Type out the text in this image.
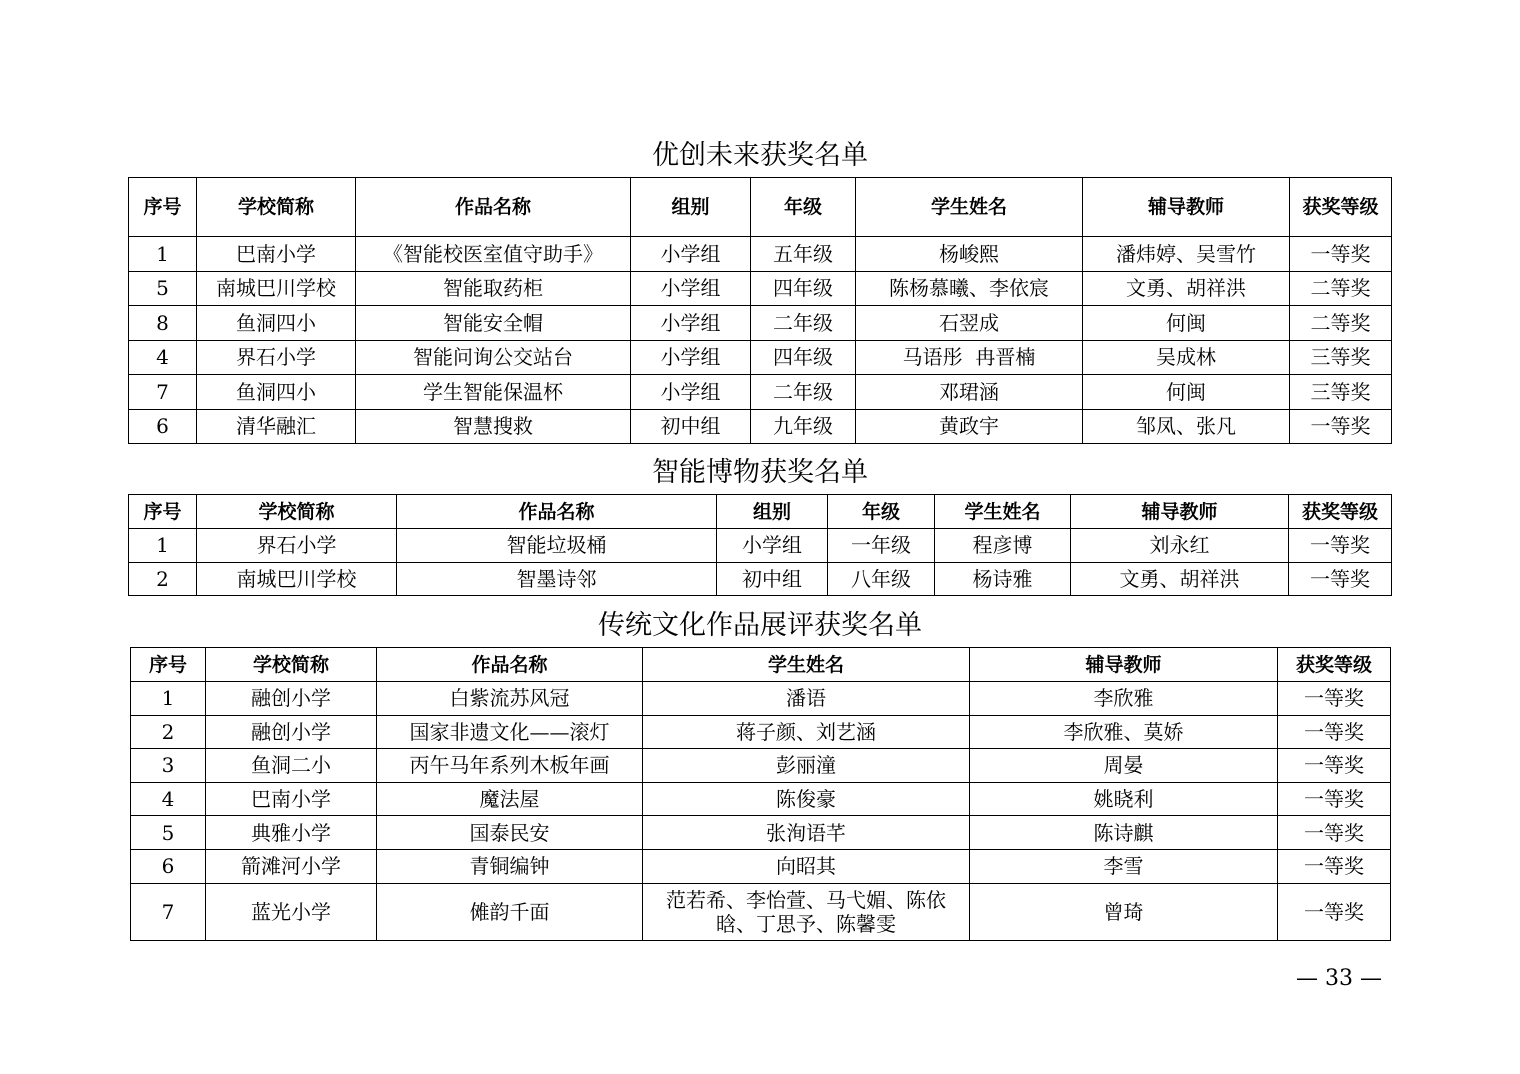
优创未来获奖名单
序号	学校简称	作品名称	组别	年级	学生姓名	辅导教师	获奖等级
1	巴南小学	《智能校医室值守助手》	小学组	五年级	杨峻熙	潘炜婷、吴雪竹	一等奖
5	南城巴川学校	智能取药柜	小学组	四年级	陈杨慕曦、李依宸	文勇、胡祥洪	二等奖
8	鱼洞四小	智能安全帽	小学组	二年级	石翌成	何闽	二等奖
4	界石小学	智能问询公交站台	小学组	四年级	马语彤  冉晋楠	吴成林	三等奖
7	鱼洞四小	学生智能保温杯	小学组	二年级	邓珺涵	何闽	三等奖
6	清华融汇	智慧搜救	初中组	九年级	黄政宇	邹凤、张凡	一等奖
智能博物获奖名单
序号	学校简称	作品名称	组别	年级	学生姓名	辅导教师	获奖等级
1	界石小学	智能垃圾桶	小学组	一年级	程彦博	刘永红	一等奖
2	南城巴川学校	智墨诗邻	初中组	八年级	杨诗雅	文勇、胡祥洪	一等奖
传统文化作品展评获奖名单
序号	学校简称	作品名称	学生姓名	辅导教师	获奖等级
1	融创小学	白紫流苏风冠	潘语	李欣雅	一等奖
2	融创小学	国家非遗文化——滚灯	蒋子颜、刘艺涵	李欣雅、莫娇	一等奖
3	鱼洞二小	丙午马年系列木板年画	彭丽潼	周晏	一等奖
4	巴南小学	魔法屋	陈俊豪	姚晓利	一等奖
5	典雅小学	国泰民安	张洵语芊	陈诗麒	一等奖
6	箭滩河小学	青铜编钟	向昭其	李雪	一等奖
7	蓝光小学	傩韵千面	范若希、李怡萱、马弋媚、陈依晗、丁思予、陈馨雯	曾琦	一等奖
— 33 —
